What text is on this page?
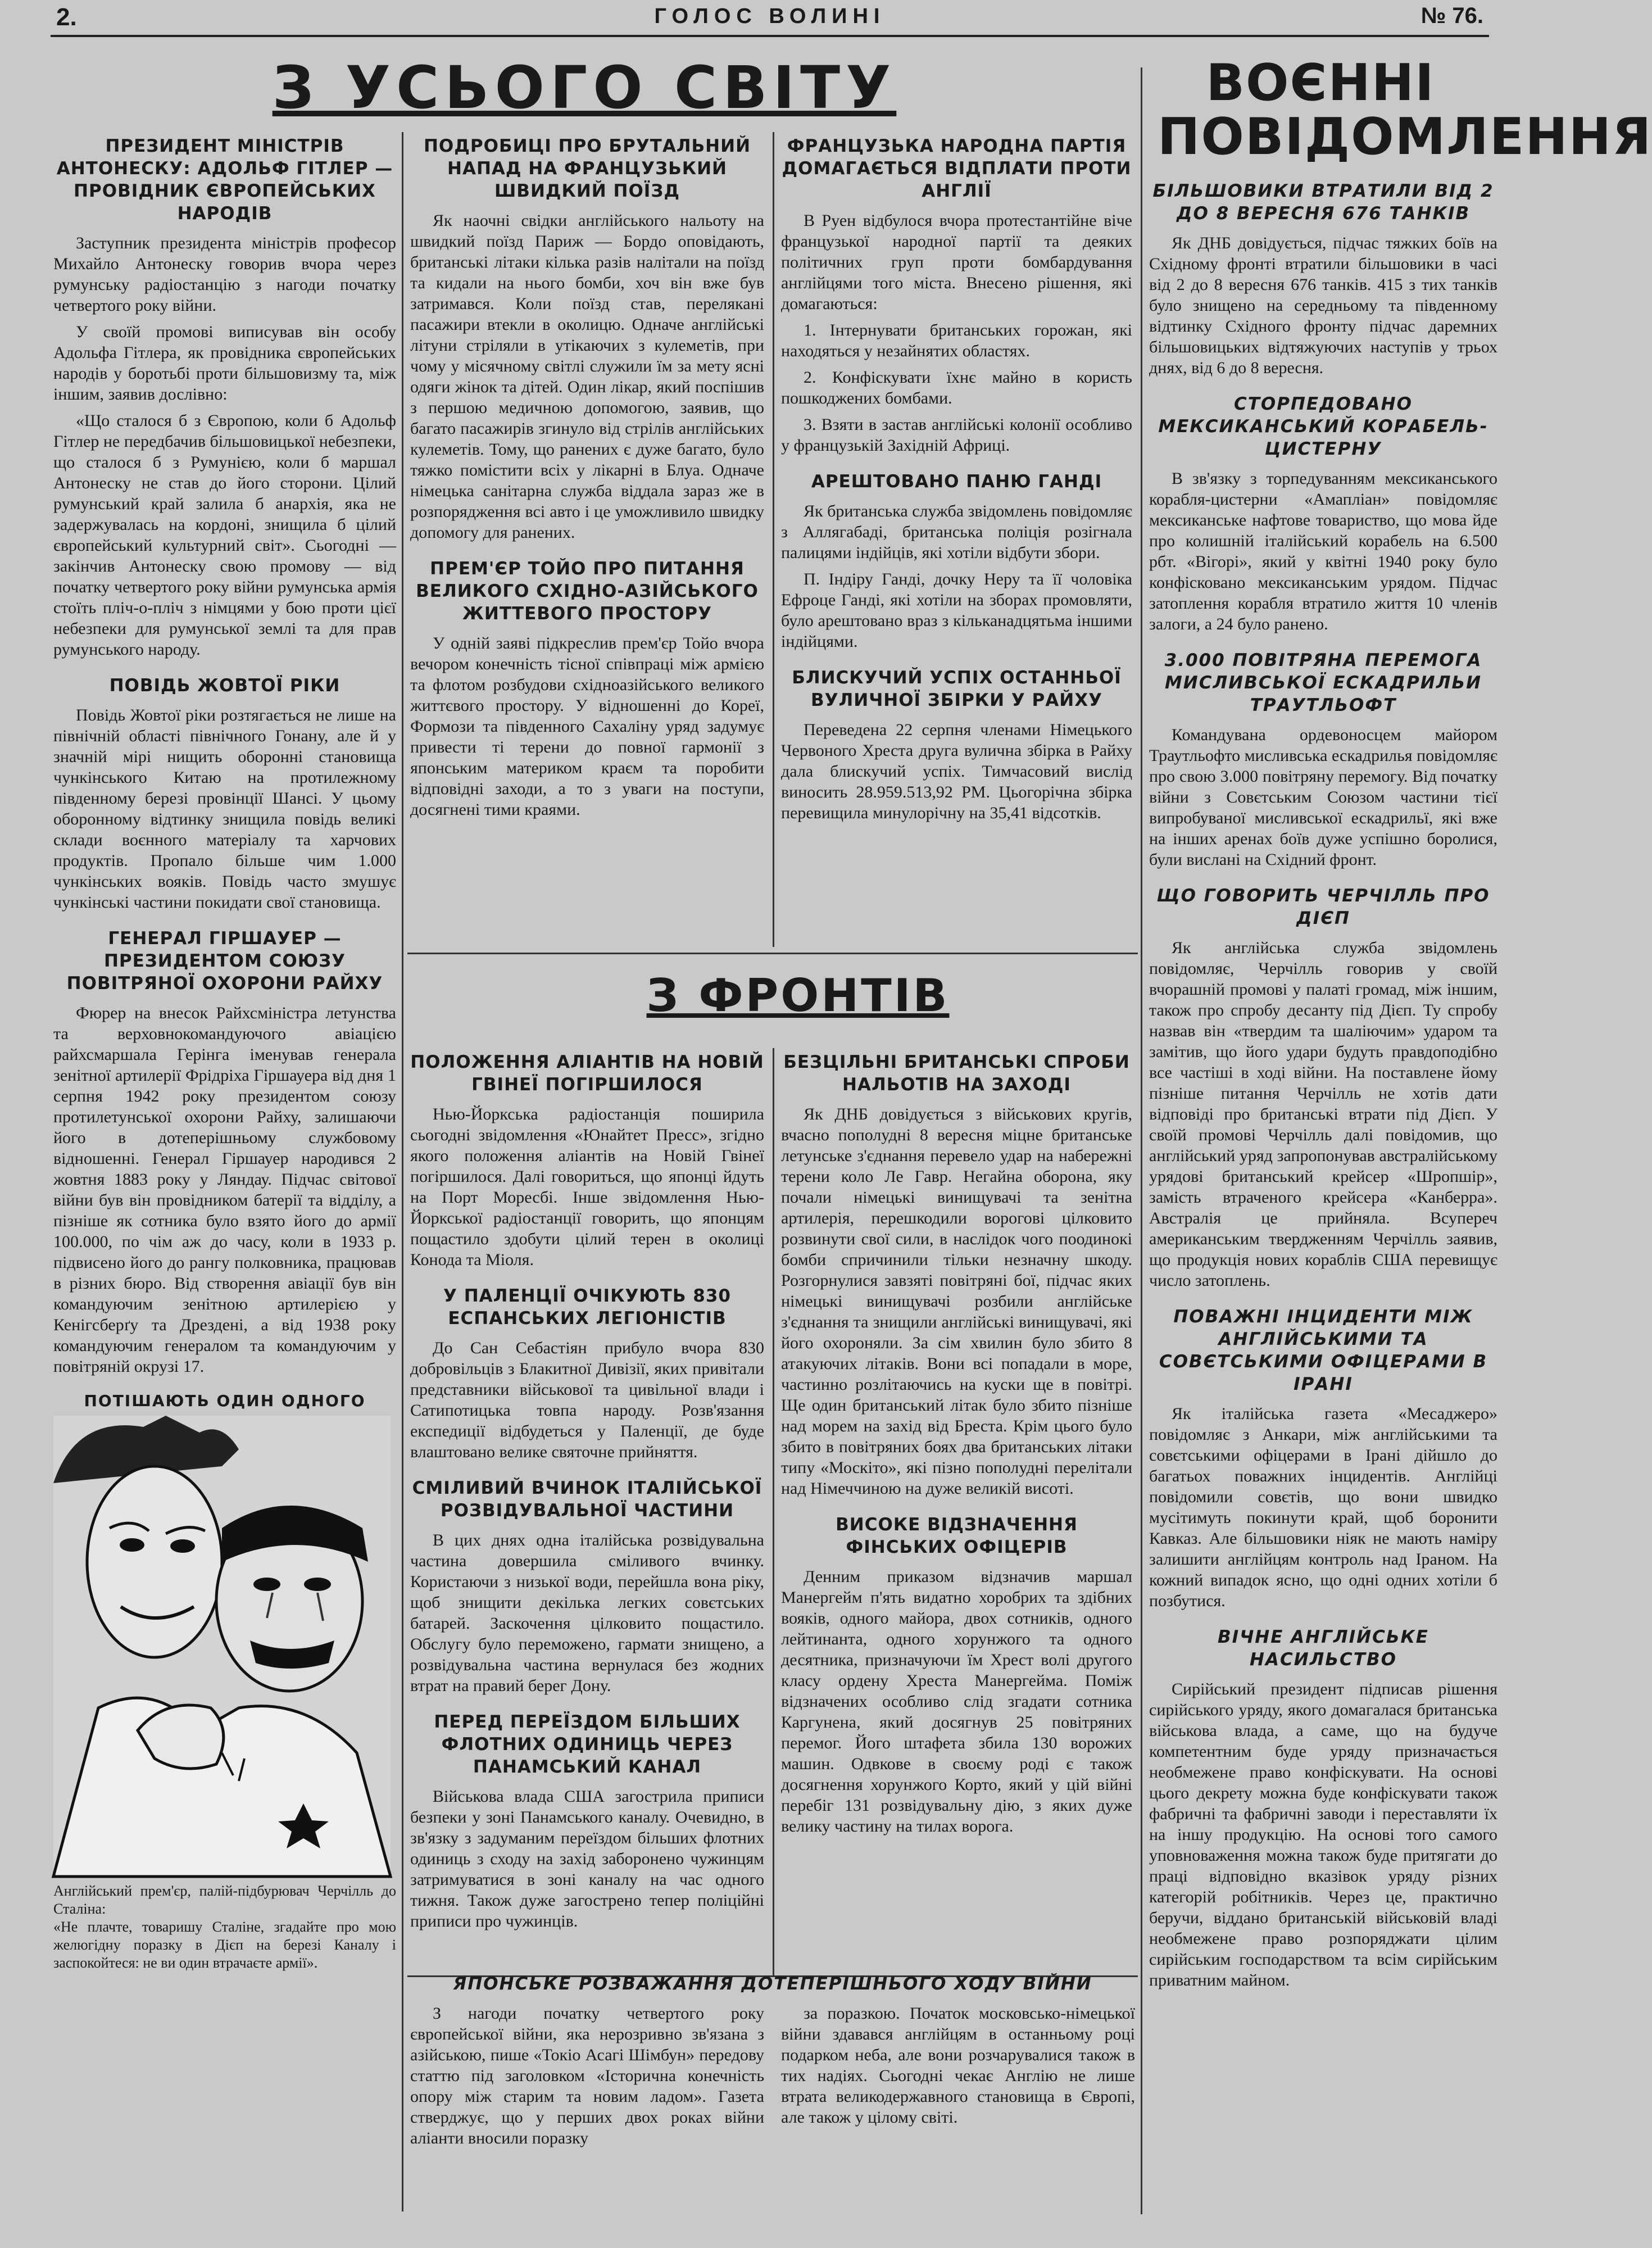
2.	ГОЛОС ВОЛИНІ	№ 76.
З УСЬОГО СВІТУ
З ФРОНТІВ
ВОЄННІ ПОВІДОМЛЕННЯ
ПРЕЗИДЕНТ МІНІСТРІВ АНТОНЕСКУ: АДОЛЬФ ГІТЛЕР — ПРОВІДНИК ЄВРОПЕЙСЬКИХ НАРОДІВ

Заступник президента міністрів професор Михайло Антонеску говорив вчора через румунську радіостанцію з нагоди початку четвертого року війни.

У своїй промові виписував він особу Адольфа Гітлера, як провідника європейських народів у боротьбі проти більшовизму та, між іншим, заявив дослівно:

«Що сталося б з Європою, коли б Адольф Гітлер не передбачив більшовицької небезпеки, що сталося б з Румунією, коли б маршал Антонеску не став до його сторони. Цілий румунський край залила б анархія, яка не задержувалась на кордоні, знищила б цілий європейський культурний світ». Сьогодні — закінчив Антонеску свою промову — від початку четвертого року війни румунська армія стоїть пліч-о-пліч з німцями у бою проти цієї небезпеки для румунської землі та для прав румунського народу.

ПОВІДЬ ЖОВТОЇ РІКИ

Повідь Жовтої ріки розтягається не лише на північній області північного Гонану, але й у значній мірі нищить оборонні становища чункінського Китаю на протилежному південному березі провінції Шансі. У цьому оборонному відтинку знищила повідь великі склади воєнного матеріалу та харчових продуктів. Пропало більше чим 1.000 чункінських вояків. Повідь часто змушує чункінські частини покидати свої становища.

ГЕНЕРАЛ ГІРШАУЕР — ПРЕЗИДЕНТОМ СОЮЗУ ПОВІТРЯНОЇ ОХОРОНИ РАЙХУ

Фюрер на внесок Райхсміністра летунства та верховнокомандуючого авіацією райхсмаршала Герінга іменував генерала зенітної артилерії Фрідріха Гіршауера від дня 1 серпня 1942 року президентом союзу протилетунської охорони Райху, залишаючи його в дотеперішньому службовому відношенні. Генерал Гіршауер народився 2 жовтня 1883 року у Ляндау. Підчас світової війни був він провідником батерії та відділу, а пізніше як сотника було взято його до армії 100.000, по чім аж до часу, коли в 1933 р. підвисено його до рангу полковника, працював в різних бюро. Від створення авіації був він командуючим зенітною артилерією у Кенігсберґу та Дрездені, а від 1938 року командуючим генералом та командуючим у повітряній окрузі 17.

ПОТІШАЮТЬ ОДИН ОДНОГО

Англійський прем'єр, палій-підбурювач Черчілль до Сталіна:

«Не плачте, товаришу Сталіне, згадайте про мою желюгідну поразку в Дієп на березі Каналу і заспокойтеся: не ви один втрачаєте армії».

ПОДРОБИЦІ ПРО БРУТАЛЬНИЙ НАПАД НА ФРАНЦУЗЬКИЙ ШВИДКИЙ ПОЇЗД

Як наочні свідки англійського нальоту на швидкий поїзд Париж — Бордо оповідають, британські літаки кілька разів налітали на поїзд та кидали на нього бомби, хоч він вже був затримався. Коли поїзд став, перелякані пасажири втекли в околицю. Одначе англійські літуни стріляли в утікаючих з кулеметів, при чому у місячному світлі служили їм за мету ясні одяги жінок та дітей. Один лікар, який поспішив з першою медичною допомогою, заявив, що багато пасажирів згинуло від стрілів англійських кулеметів. Тому, що ранених є дуже багато, було тяжко помістити всіх у лікарні в Блуа. Одначе німецька санітарна служба віддала зараз же в розпорядження всі авто і це уможливило швидку допомогу для ранених.

ПРЕМ'ЄР ТОЙО ПРО ПИТАННЯ ВЕЛИКОГО СХІДНО-АЗІЙСЬКОГО ЖИТТЕВОГО ПРОСТОРУ

У одній заяві підкреслив прем'єр Тойо вчора вечором конечність тісної співпраці між армією та флотом розбудови східноазійського великого життєвого простору. У відношенні до Кореї, Формози та південного Сахаліну уряд задумує привести ті терени до повної гармонії з японським материком краєм та поробити відповідні заходи, а то з уваги на поступи, досягнені тими краями.

ФРАНЦУЗЬКА НАРОДНА ПАРТІЯ ДОМАГАЄТЬСЯ ВІДПЛАТИ ПРОТИ АНГЛІЇ

В Руен відбулося вчора протестантійне віче французької народної партії та деяких політичних груп проти бомбардування англійцями того міста. Внесено рішення, які домагаються:

1. Інтернувати британських горожан, які находяться у незайнятих областях.

2. Конфіскувати їхнє майно в користь пошкоджених бомбами.

3. Взяти в застав англійські колонії особливо у французькій Західній Африці.

АРЕШТОВАНО ПАНЮ ГАНДІ

Як британська служба звідомлень повідомляє з Аллягабаді, британська поліція розігнала палицями індійців, які хотіли відбути збори.

П. Індіру Ганді, дочку Неру та її чоловіка Ефроце Ганді, які хотіли на зборах промовляти, було арештовано враз з кільканадцятьма іншими індійцями.

БЛИСКУЧИЙ УСПІХ ОСТАННЬОЇ ВУЛИЧНОЇ ЗБІРКИ У РАЙХУ

Переведена 22 серпня членами Німецького Червоного Хреста друга вулична збірка в Райху дала блискучий успіх. Тимчасовий вислід виносить 28.959.513,92 РМ. Цьогорічна збірка перевищила минулорічну на 35,41 відсотків.

ПОЛОЖЕННЯ АЛІАНТІВ НА НОВІЙ ГВІНЕЇ ПОГІРШИЛОСЯ

Нью-Йоркська радіостанція поширила сьогодні звідомлення «Юнайтет Пресс», згідно якого положення аліантів на Новій Гвінеї погіршилося. Далі говориться, що японці йдуть на Порт Моресбі. Інше звідомлення Нью-Йоркської радіостанції говорить, що японцям пощастило здобути цілий терен в околиці Конода та Міоля.

У ПАЛЕНЦІЇ ОЧІКУЮТЬ 830 ЕСПАНСЬКИХ ЛЕГІОНІСТІВ

До Сан Себастіян прибуло вчора 830 добровільців з Блакитної Дивізії, яких привітали представники військової та цивільної влади і Сатипотицька товпа народу. Розв'язання експедиції відбудеться у Паленції, де буде влаштовано велике святочне прийняття.

СМІЛИВИЙ ВЧИНОК ІТАЛІЙСЬКОЇ РОЗВІДУВАЛЬНОЇ ЧАСТИНИ

В цих днях одна італійська розвідувальна частина довершила сміливого вчинку. Користаючи з низької води, перейшла вона ріку, щоб знищити декілька легких совєтських батарей. Заскочення цілковито пощастило. Обслугу було переможено, гармати знищено, а розвідувальна частина вернулася без жодних втрат на правий берег Дону.

ПЕРЕД ПЕРЕЇЗДОМ БІЛЬШИХ ФЛОТНИХ ОДИНИЦЬ ЧЕРЕЗ ПАНАМСЬКИЙ КАНАЛ

Військова влада США загострила приписи безпеки у зоні Панамського каналу. Очевидно, в зв'язку з задуманим переїздом більших флотних одиниць з сходу на захід заборонено чужинцям затримуватися в зоні каналу на час одного тижня. Також дуже загострено тепер поліційні приписи про чужинців.

БЕЗЦІЛЬНІ БРИТАНСЬКІ СПРОБИ НАЛЬОТІВ НА ЗАХОДІ

Як ДНБ довідується з військових кругів, вчасно пополудні 8 вересня міцне британське летунське з'єднання перевело удар на набережні терени коло Ле Гавр. Негайна оборона, яку почали німецькі винищувачі та зенітна артилерія, перешкодили ворогові цілковито розвинути свої сили, в наслідок чого поодинокі бомби спричинили тільки незначну шкоду. Розгорнулися завзяті повітряні бої, підчас яких німецькі винищувачі розбили англійське з'єднання та знищили англійські винищувачі, які його охороняли. За сім хвилин було збито 8 атакуючих літаків. Вони всі попадали в море, частинно розлітаючись на куски ще в повітрі. Ще один британський літак було збито пізніше над морем на захід від Бреста. Крім цього було збито в повітряних боях два британських літаки типу «Москіто», які пізно пополудні перелітали над Німеччиною на дуже великій висоті.

ВИСОКЕ ВІДЗНАЧЕННЯ ФІНСЬКИХ ОФІЦЕРІВ

Денним приказом відзначив маршал Манергейм п'ять видатно хоробрих та здібних вояків, одного майора, двох сотників, одного лейтинанта, одного хорунжого та одного десятника, призначуючи їм Хрест волі другого класу ордену Хреста Манергейма. Поміж відзначених особливо слід згадати сотника Каргунена, який досягнув 25 повітряних перемог. Його штафета збила 130 ворожих машин. Одвкове в своєму роді є також досягнення хорунжого Корто, який у цій війні перебіг 131 розвідувальну дію, з яких дуже велику частину на тилах ворога.

ЯПОНСЬКЕ РОЗВАЖАННЯ ДОТЕПЕРІШНЬОГО ХОДУ ВІЙНИ

З нагоди початку четвертого року європейської війни, яка нерозривно зв'язана з азійською, пише «Токіо Асагі Шімбун» передову статтю під заголовком «Історична конечність опору між старим та новим ладом». Газета стверджує, що у перших двох роках війни аліанти вносили поразку

за поразкою. Початок московсько-німецької війни здавався англійцям в останньому році подарком неба, але вони розчарувалися також в тих надіях. Сьогодні чекає Англію не лише втрата великодержавного становища в Європі, але також у цілому світі.

БІЛЬШОВИКИ ВТРАТИЛИ ВІД 2 ДО 8 ВЕРЕСНЯ 676 ТАНКІВ

Як ДНБ довідується, підчас тяжких боїв на Східному фронті втратили більшовики в часі від 2 до 8 вересня 676 танків. 415 з тих танків було знищено на середньому та південному відтинку Східного фронту підчас даремних більшовицьких відтяжуючих наступів у трьох днях, від 6 до 8 вересня.

СТОРПЕДОВАНО МЕКСИКАНСЬКИЙ КОРАБЕЛЬ-ЦИСТЕРНУ

В зв'язку з торпедуванням мексиканського корабля-цистерни «Амапліан» повідомляє мексиканське нафтове товариство, що мова йде про колишній італійський корабель на 6.500 рбт. «Вігорі», який у квітні 1940 року було конфісковано мексиканським урядом. Підчас затоплення корабля втратило життя 10 членів залоги, а 24 було ранено.

3.000 ПОВІТРЯНА ПЕРЕМОГА МИСЛИВСЬКОЇ ЕСКАДРИЛЬИ ТРАУТЛЬОФТ

Командувана ордевоносцем майором Траутльофто мисливська ескадрилья повідомляє про свою 3.000 повітряну перемогу. Від початку війни з Совєтським Союзом частини тієї випробуваної мисливської ескадрильї, які вже на інших аренах боїв дуже успішно боролися, були вислані на Східний фронт.

ЩО ГОВОРИТЬ ЧЕРЧІЛЛЬ ПРО ДІЄП

Як англійська служба звідомлень повідомляє, Черчілль говорив у своїй вчорашній промові у палаті громад, між іншим, також про спробу десанту під Дієп. Ту спробу назвав він «твердим та шаліючим» ударом та замітив, що його удари будуть правдоподібно все частіші в ході війни. На поставлене йому пізніше питання Черчілль не хотів дати відповіді про британські втрати під Дієп. У своїй промові Черчілль далі повідомив, що англійський уряд запропонував австралійському урядові британський крейсер «Шропшір», замість втраченого крейсера «Канберра». Австралія це прийняла. Всупереч американським твердженням Черчілль заявив, що продукція нових кораблів США перевищує число затоплень.

ПОВАЖНІ ІНЦИДЕНТИ МІЖ АНГЛІЙСЬКИМИ ТА СОВЄТСЬКИМИ ОФІЦЕРАМИ В ІРАНІ

Як італійська газета «Месаджеро» повідомляє з Анкари, між англійськими та совєтськими офіцерами в Ірані дійшло до багатьох поважних інцидентів. Англійці повідомили совєтів, що вони швидко мусітимуть покинути край, щоб боронити Кавказ. Але більшовики ніяк не мають наміру залишити англійцям контроль над Іраном. На кожний випадок ясно, що одні одних хотіли б позбутися.

ВІЧНЕ АНГЛІЙСЬКЕ НАСИЛЬСТВО

Сирійський президент підписав рішення сирійського уряду, якого домагалася британська військова влада, а саме, що на будуче компетентним буде уряду призначається необмежене право конфіскувати. На основі цього декрету можна буде конфіскувати також фабричні та фабричні заводи і переставляти їх на іншу продукцію. На основі того самого уповноваження можна також буде притягати до праці відповідно вказівок уряду різних категорій робітників. Через це, практично беручи, віддано британській військовій владі необмежене право розпоряджати цілим сирійським господарством та всім сирійським приватним майном.
